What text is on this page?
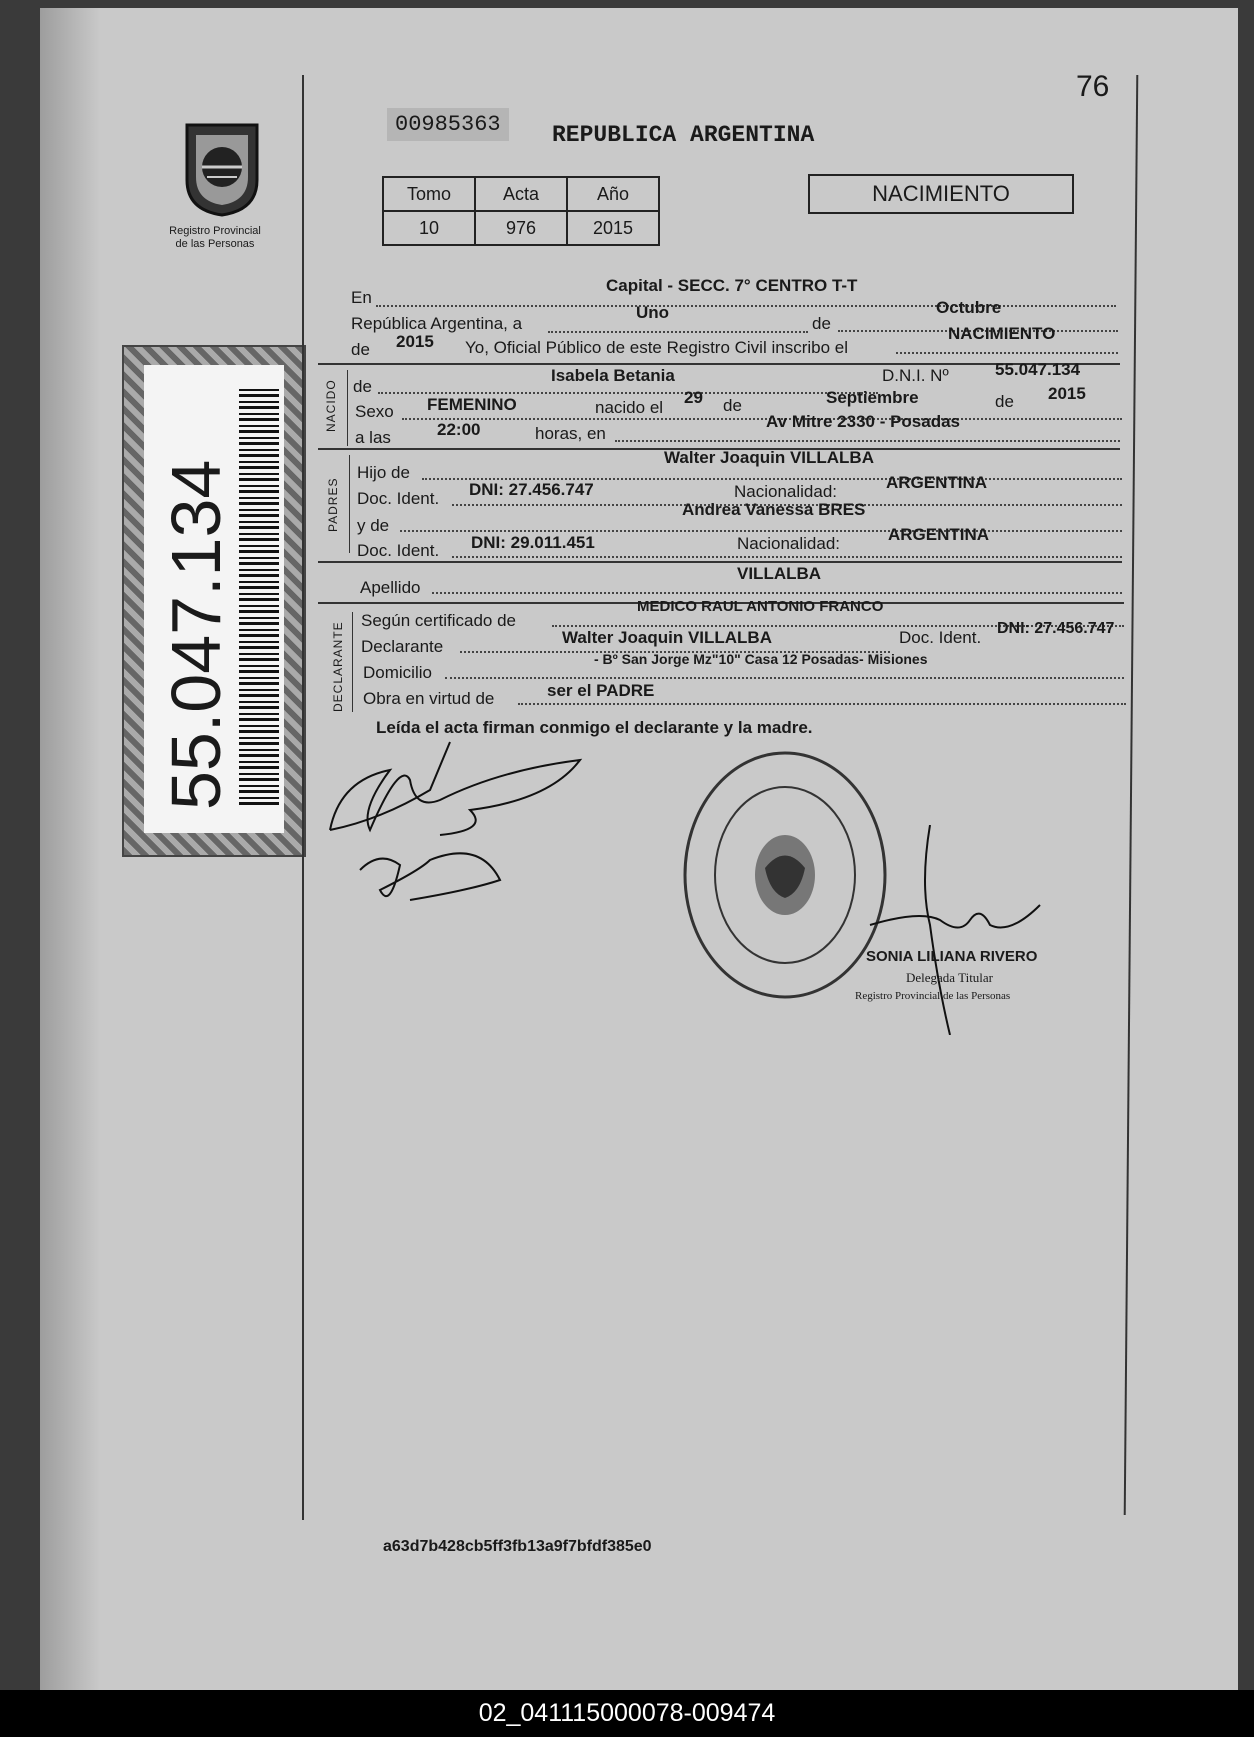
76
Registro Provincial
de las Personas
55.047.134
00985363	REPUBLICA ARGENTINA
Tomo	Acta	Año
10	976	2015
NACIMIENTO
En
Capital - SECC. 7° CENTRO T-T
República Argentina, a
Uno
de
Octubre
de 2015 Yo, Oficial Público de este Registro Civil inscribo el
NACIMIENTO
NACIDO de
Isabela Betania	D.N.I. Nº	55.047.134
Sexo FEMENINO	nacido el
29 de	Septiembre	de 2015
a las	22:00	horas, en
Av Mitre 2330 - Posadas
PADRES
Hijo de
Walter Joaquin VILLALBA
Doc. Ident. DNI: 27.456.747	Nacionalidad:	ARGENTINA
y de
Andrea Vanessa BRES
Doc. Ident. DNI: 29.011.451	Nacionalidad:	ARGENTINA
Apellido
VILLALBA
DECLARANTE
Según certificado de
MEDICO RAUL ANTONIO FRANCO
Declarante	Walter Joaquin VILLALBA	Doc. Ident. DNI: 27.456.747
Domicilio
- Bº San Jorge Mz"10" Casa 12 Posadas- Misiones
Obra en virtud de	ser el PADRE
Leída el acta firman conmigo el declarante y la madre.
SONIA LILIANA RIVERO
Delegada Titular
Registro Provincial de las Personas
a63d7b428cb5ff3fb13a9f7bfdf385e0
02_041115000078-009474
